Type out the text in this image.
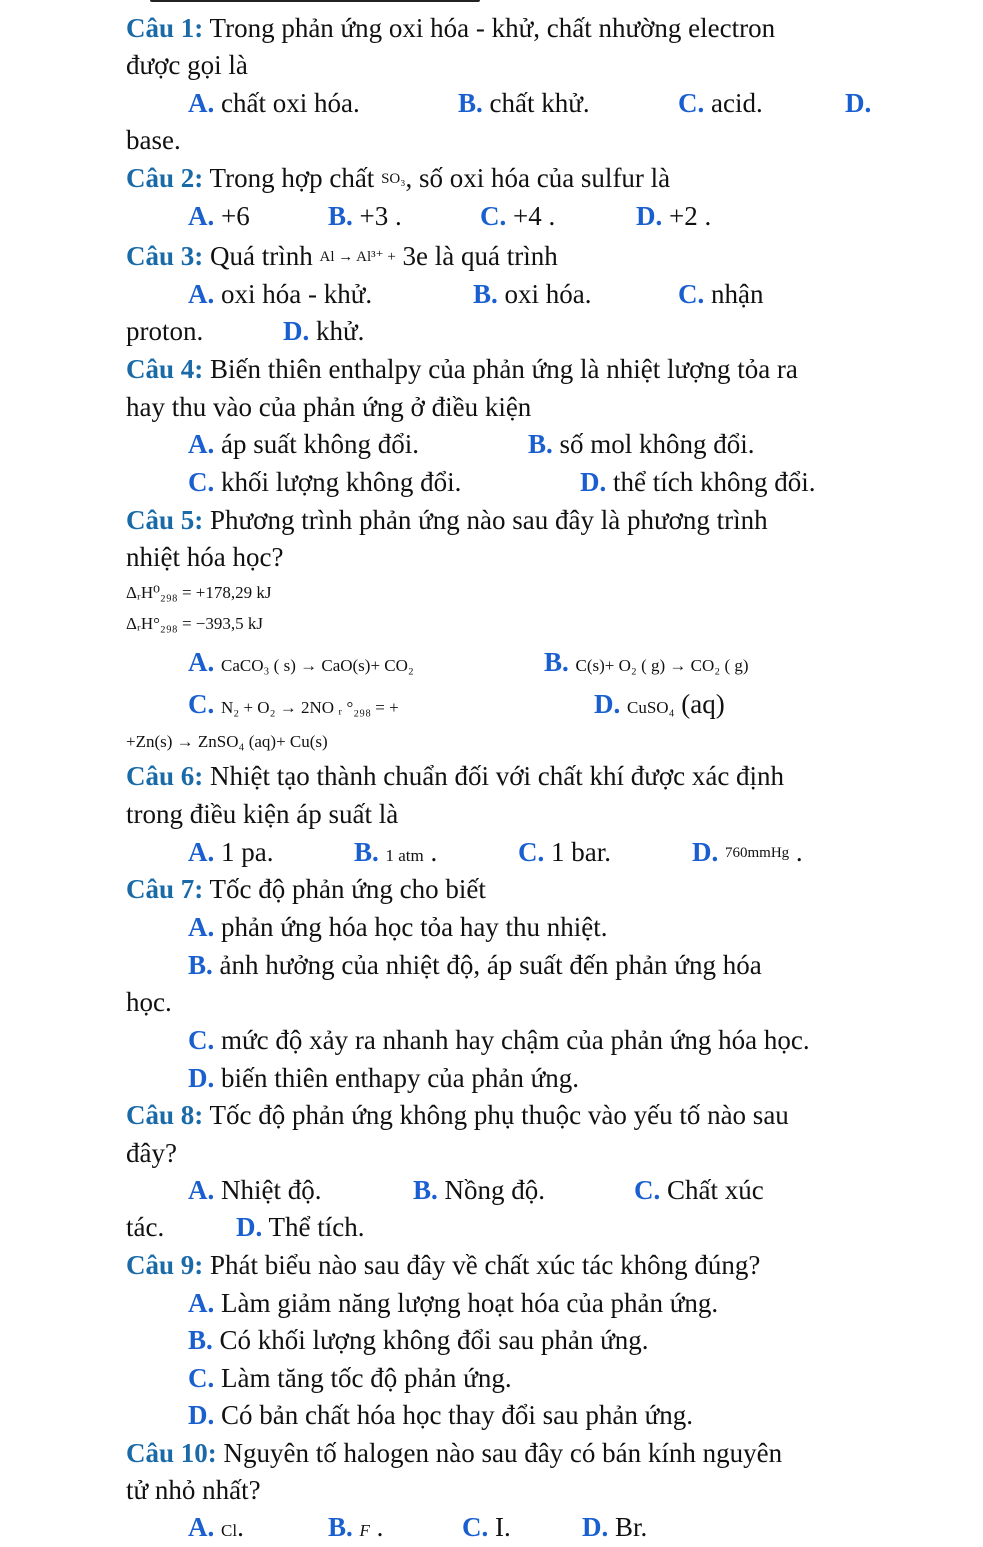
Câu 1: Trong phản ứng oxi hóa - khử, chất nhường electron
được gọi là
A. chất oxi hóa.	B. chất khử.	C. acid.	D.
base.
Câu 2: Trong hợp chất SO₃, số oxi hóa của sulfur là
A. +6	B. +3 .	C. +4 .	D. +2 .
Câu 3: Quá trình Al → Al³⁺ + 3e là quá trình
A. oxi hóa - khử.	B. oxi hóa.	C. nhận
proton.	D. khử.
Câu 4: Biến thiên enthalpy của phản ứng là nhiệt lượng tỏa ra
hay thu vào của phản ứng ở điều kiện
A. áp suất không đổi.	B. số mol không đổi.
C. khối lượng không đổi.	D. thể tích không đổi.
Câu 5: Phương trình phản ứng nào sau đây là phương trình
nhiệt hóa học?
ΔᵣH⁰₂₉₈ = +178,29 kJ
ΔᵣH°₂₉₈ = −393,5 kJ
A. CaCO₃ ( s) → CaO(s)+ CO₂	B. C(s)+ O₂ ( g) → CO₂ ( g)
C. N₂ + O₂ → 2NO ᵣ °₂₉₈ = +	D. CuSO₄ (aq)
+Zn(s) → ZnSO₄ (aq)+ Cu(s)
Câu 6: Nhiệt tạo thành chuẩn đối với chất khí được xác định
trong điều kiện áp suất là
A. 1 pa.	B. 1 atm .	C. 1 bar.	D. 760mmHg .
Câu 7: Tốc độ phản ứng cho biết
A. phản ứng hóa học tỏa hay thu nhiệt.
B. ảnh hưởng của nhiệt độ, áp suất đến phản ứng hóa
học.
C. mức độ xảy ra nhanh hay chậm của phản ứng hóa học.
D. biến thiên enthapy của phản ứng.
Câu 8: Tốc độ phản ứng không phụ thuộc vào yếu tố nào sau
đây?
A. Nhiệt độ.	B. Nồng độ.	C. Chất xúc
tác.	D. Thể tích.
Câu 9: Phát biểu nào sau đây về chất xúc tác không đúng?
A. Làm giảm năng lượng hoạt hóa của phản ứng.
B. Có khối lượng không đổi sau phản ứng.
C. Làm tăng tốc độ phản ứng.
D. Có bản chất hóa học thay đổi sau phản ứng.
Câu 10: Nguyên tố halogen nào sau đây có bán kính nguyên
tử nhỏ nhất?
A. Cl.	B. F .	C. I.	D. Br.
